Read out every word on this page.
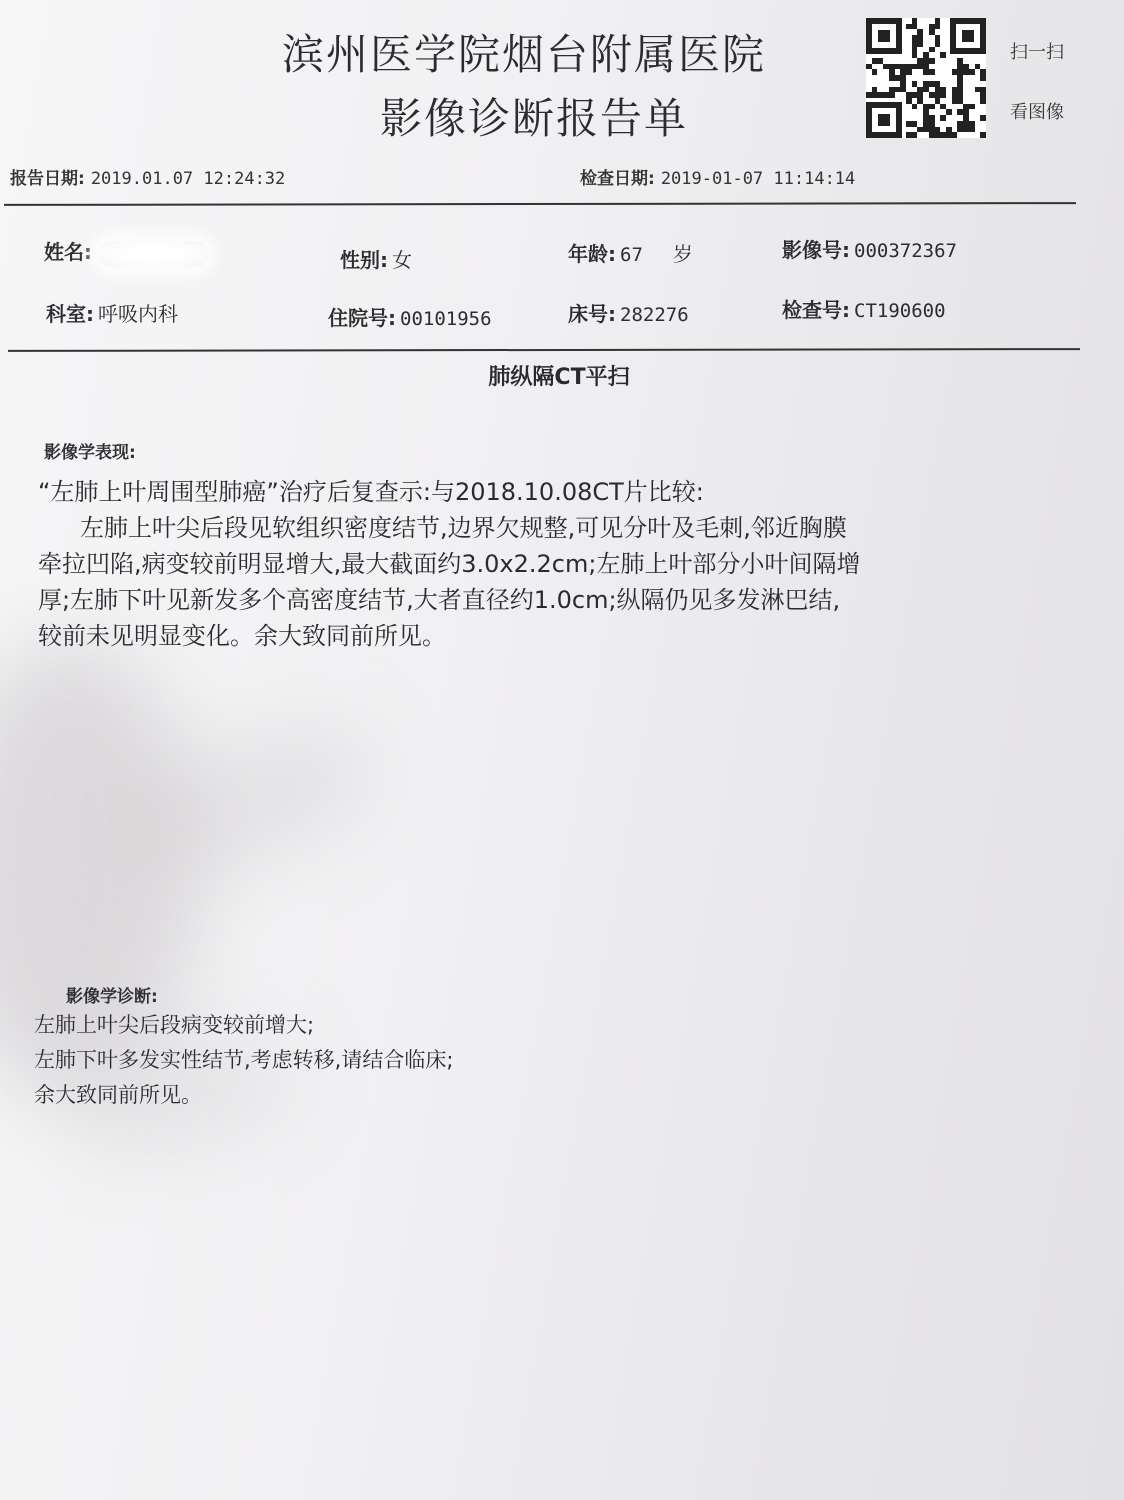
滨州医学院烟台附属医院
影像诊断报告单
扫一扫
看图像
报告日期: 2019.01.07 12:24:32	检查日期: 2019-01-07 11:14:14
姓名:	性别: 女	年龄: 67 岁	影像号: 000372367
科室: 呼吸内科	住院号: 00101956	床号: 282276	检查号: CT190600
肺纵隔CT平扫
影像学表现:

“左肺上叶周围型肺癌”治疗后复查示:与2018.10.08CT片比较:

左肺上叶尖后段见软组织密度结节,边界欠规整,可见分叶及毛刺,邻近胸膜

牵拉凹陷,病变较前明显增大,最大截面约3.0x2.2cm;左肺上叶部分小叶间隔增

厚;左肺下叶见新发多个高密度结节,大者直径约1.0cm;纵隔仍见多发淋巴结,

较前未见明显变化。余大致同前所见。

影像学诊断:
左肺上叶尖后段病变较前增大;
左肺下叶多发实性结节,考虑转移,请结合临床;
余大致同前所见。
